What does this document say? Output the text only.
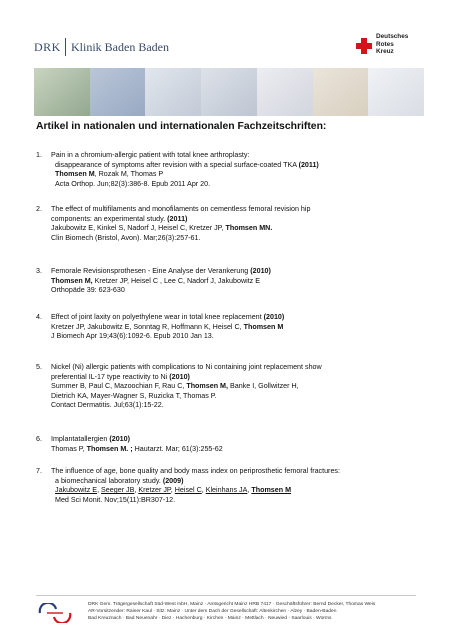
DRK Klinik Baden Baden
Deutsches
Rotes
Kreuz
Artikel in nationalen und internationalen Fachzeitschriften:
1. Pain in a chromium-allergic patient with total knee arthroplasty:
disappearance of symptoms after revision with a special surface-coated TKA (2011)
Thomsen M, Rozak M, Thomas P
Acta Orthop. Jun;82(3):386-8. Epub 2011 Apr 20.
2. The effect of multifilaments and monofilaments on cementless femoral revision hip
components: an experimental study. (2011)
Jakubowitz E, Kinkel S, Nadorf J, Heisel C, Kretzer JP, Thomsen MN.
Clin Biomech (Bristol, Avon). Mar;26(3):257-61.
3. Femorale Revisionsprothesen - Eine Analyse der Verankerung (2010)
Thomsen M, Kretzer JP, Heisel C , Lee C, Nadorf J, Jakubowitz E
Orthopäde 39: 623-630
4. Effect of joint laxity on polyethylene wear in total knee replacement (2010)
Kretzer JP, Jakubowitz E, Sonntag R, Hoffmann K, Heisel C, Thomsen M
J Biomech Apr 19;43(6):1092-6. Epub 2010 Jan 13.
5. Nickel (Ni) allergic patients with complications to Ni containing joint replacement show
preferential IL-17 type reactivity to Ni (2010)
Summer B, Paul C, Mazoochian F, Rau C, Thomsen M, Banke I, Gollwitzer H,
Dietrich KA, Mayer-Wagner S, Ruzicka T, Thomas P.
Contact Dermatitis. Jul;63(1):15-22.
6. Implantatallergien (2010)
Thomas P, Thomsen M. ; Hautarzt. Mar; 61(3):255-62
7. The influence of age, bone quality and body mass index on periprosthetic femoral fractures:
a biomechanical laboratory study. (2009)
Jakubowitz E, Seeger JB, Kretzer JP, Heisel C, Kleinhans JA, Thomsen M
Med Sci Monit. Nov;15(11):BR307-12.
DRK Gem. Trägergesellschaft Süd-West mbH, Mainz · Amtsgericht Mainz HRB 7417 · Geschäftsführer: Bernd Decker, Thomas Weis
AR-Vorsitzender: Rainer Kaul · Sitz: Mainz · Unter dem Dach der Gesellschaft: Altenkirchen · Alzey · Baden-Baden
Bad Kreuznach · Bad Neuenahr · Diez · Hachenburg · Kirchen · Mainz · Mettlach · Neuwied · Saarlouis · Worms
